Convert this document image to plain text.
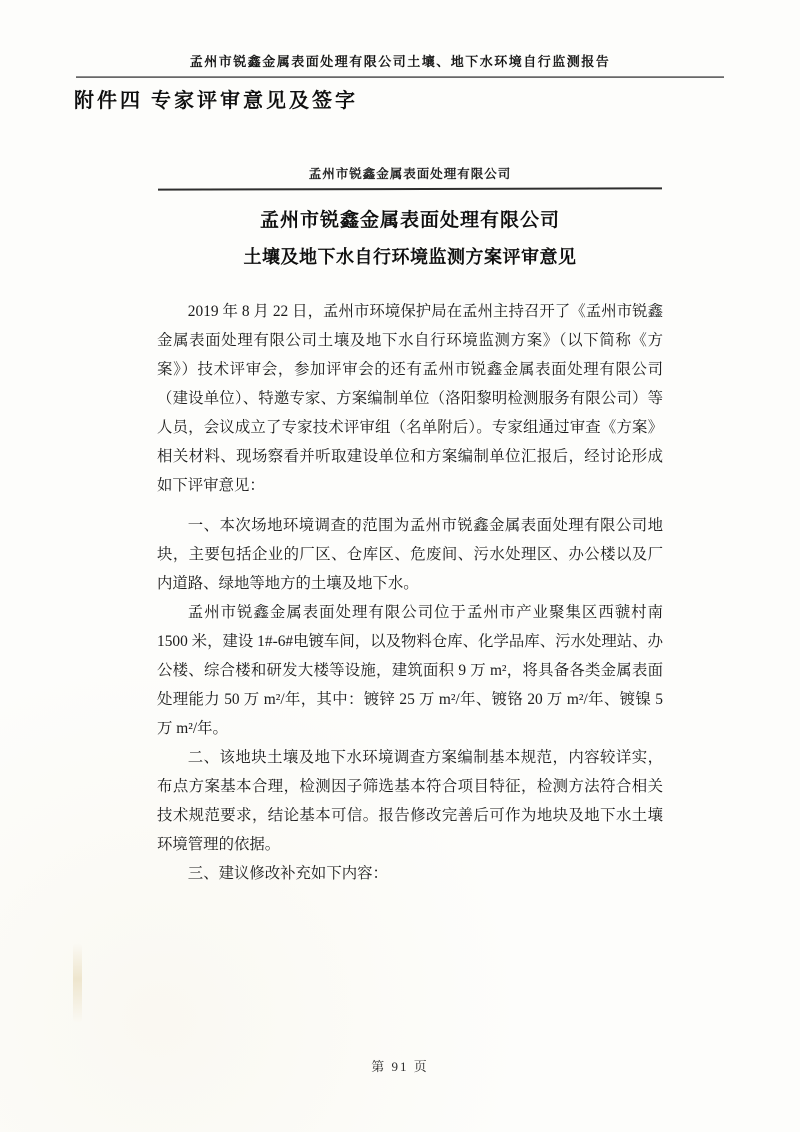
孟州市锐鑫金属表面处理有限公司土壤、地下水环境自行监测报告
附件四 专家评审意见及签字
孟州市锐鑫金属表面处理有限公司
孟州市锐鑫金属表面处理有限公司
土壤及地下水自行环境监测方案评审意见

2019 年 8 月 22 日，孟州市环境保护局在孟州主持召开了《孟州市锐鑫金属表面处理有限公司土壤及地下水自行环境监测方案》（以下简称《方案》）技术评审会，参加评审会的还有孟州市锐鑫金属表面处理有限公司（建设单位）、特邀专家、方案编制单位（洛阳黎明检测服务有限公司）等人员，会议成立了专家技术评审组（名单附后）。专家组通过审查《方案》相关材料、现场察看并听取建设单位和方案编制单位汇报后，经讨论形成如下评审意见：

一、本次场地环境调查的范围为孟州市锐鑫金属表面处理有限公司地块，主要包括企业的厂区、仓库区、危废间、污水处理区、办公楼以及厂内道路、绿地等地方的土壤及地下水。

孟州市锐鑫金属表面处理有限公司位于孟州市产业聚集区西虢村南 1500 米，建设 1#-6#电镀车间，以及物料仓库、化学品库、污水处理站、办公楼、综合楼和研发大楼等设施，建筑面积 9 万 m²，将具备各类金属表面处理能力 50 万 m²/年，其中：镀锌 25 万 m²/年、镀铬 20 万 m²/年、镀镍 5 万 m²/年。

二、该地块土壤及地下水环境调查方案编制基本规范，内容较详实，布点方案基本合理，检测因子筛选基本符合项目特征，检测方法符合相关技术规范要求，结论基本可信。报告修改完善后可作为地块及地下水土壤环境管理的依据。

三、建议修改补充如下内容：

第 91 页
